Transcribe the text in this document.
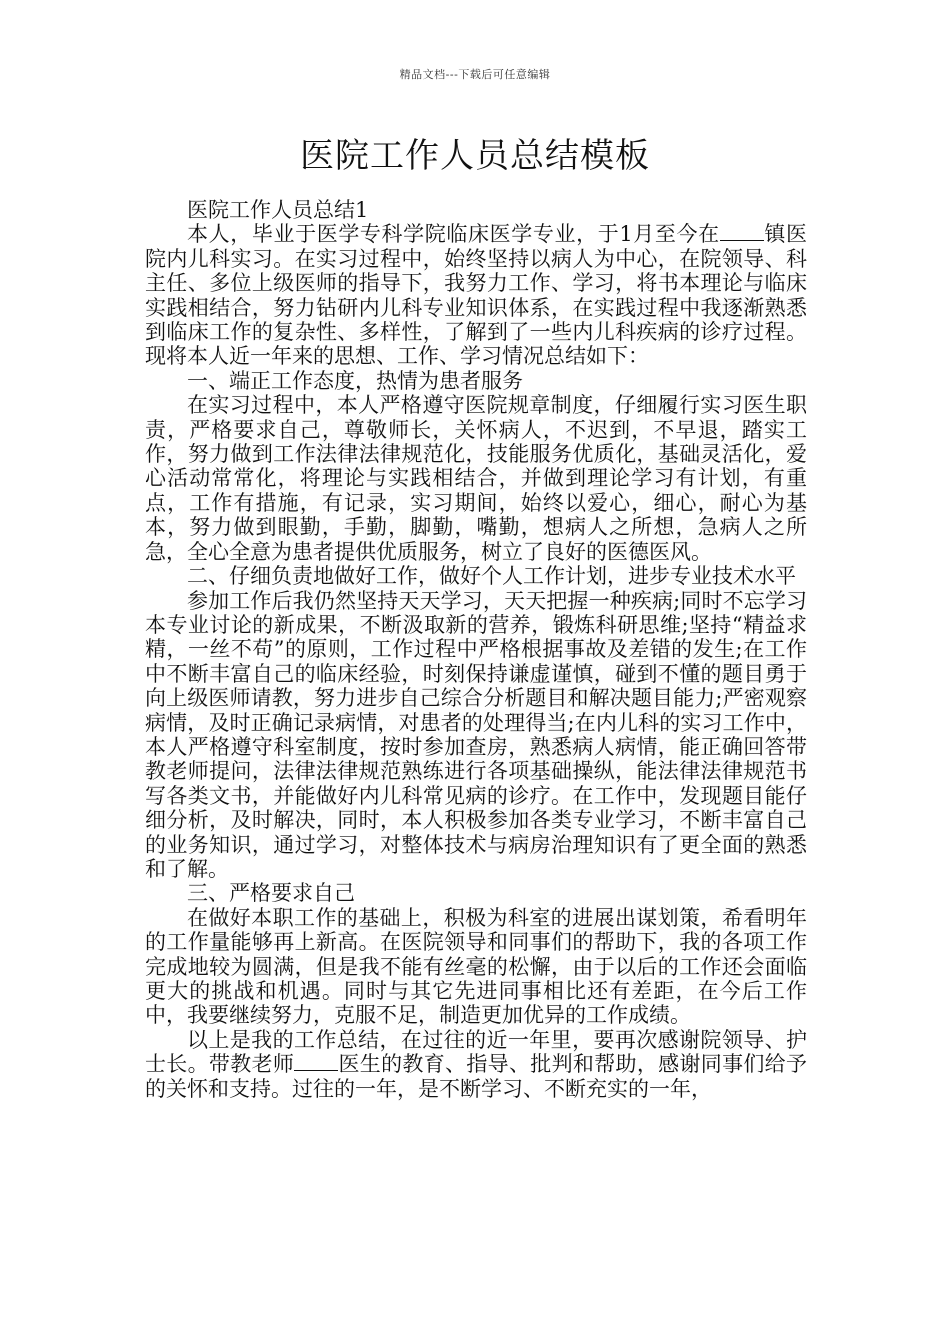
精品文档---下载后可任意编辑
医院工作人员总结模板

医院工作人员总结1

本人，毕业于医学专科学院临床医学专业，于1月至今在 镇医院内儿科实习。在实习过程中，始终坚持以病人为中心，在院领导、科主任、多位上级医师的指导下，我努力工作、学习，将书本理论与临床实践相结合，努力钻研内儿科专业知识体系，在实践过程中我逐渐熟悉到临床工作的复杂性、多样性，了解到了一些内儿科疾病的诊疗过程。现将本人近一年来的思想、工作、学习情况总结如下：

一、端正工作态度，热情为患者服务

在实习过程中，本人严格遵守医院规章制度，仔细履行实习医生职责，严格要求自己，尊敬师长，关怀病人，不迟到，不早退，踏实工作，努力做到工作法律法律规范化，技能服务优质化，基础灵活化，爱心活动常常化，将理论与实践相结合，并做到理论学习有计划，有重点，工作有措施，有记录，实习期间，始终以爱心，细心，耐心为基本，努力做到眼勤，手勤，脚勤，嘴勤，想病人之所想，急病人之所急，全心全意为患者提供优质服务，树立了良好的医德医风。

二、仔细负责地做好工作，做好个人工作计划，进步专业技术水平

参加工作后我仍然坚持天天学习，天天把握一种疾病;同时不忘学习本专业讨论的新成果，不断汲取新的营养，锻炼科研思维;坚持“精益求精，一丝不苟”的原则，工作过程中严格根据事故及差错的发生;在工作中不断丰富自己的临床经验，时刻保持谦虚谨慎，碰到不懂的题目勇于向上级医师请教，努力进步自己综合分析题目和解决题目能力;严密观察病情，及时正确记录病情，对患者的处理得当;在内儿科的实习工作中，本人严格遵守科室制度，按时参加查房，熟悉病人病情，能正确回答带教老师提问，法律法律规范熟练进行各项基础操纵，能法律法律规范书写各类文书，并能做好内儿科常见病的诊疗。在工作中，发现题目能仔细分析，及时解决，同时，本人积极参加各类专业学习，不断丰富自己的业务知识，通过学习，对整体技术与病房治理知识有了更全面的熟悉和了解。

三、严格要求自己

在做好本职工作的基础上，积极为科室的进展出谋划策，希看明年的工作量能够再上新高。在医院领导和同事们的帮助下，我的各项工作完成地较为圆满，但是我不能有丝毫的松懈，由于以后的工作还会面临更大的挑战和机遇。同时与其它先进同事相比还有差距，在今后工作中，我要继续努力，克服不足，制造更加优异的工作成绩。

以上是我的工作总结，在过往的近一年里，要再次感谢院领导、护士长。带教老师 医生的教育、指导、批判和帮助，感谢同事们给予的关怀和支持。过往的一年，是不断学习、不断充实的一年，
